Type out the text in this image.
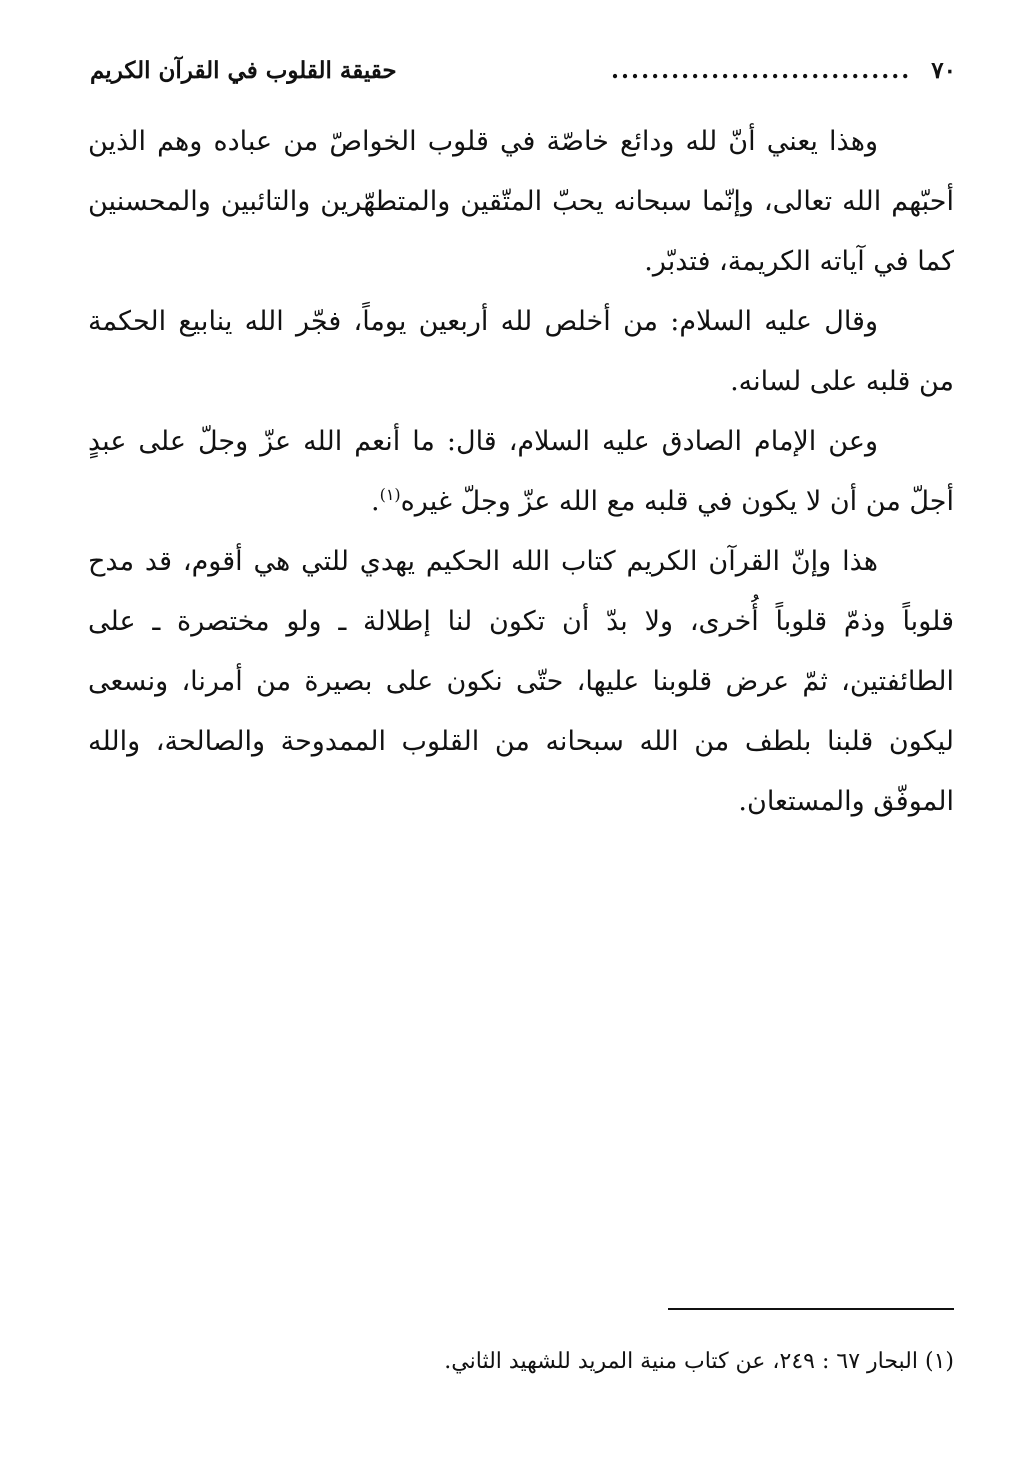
٧٠
..............................
حقيقة القلوب في القرآن الكريم

وهذا يعني أنّ لله ودائع خاصّة في قلوب الخواصّ من عباده وهم الذين أحبّهم الله تعالى، وإنّما سبحانه يحبّ المتّقين والمتطهّرين والتائبين والمحسنين كما في آياته الكريمة، فتدبّر.

وقال عليه السلام: من أخلص لله أربعين يوماً، فجّر الله ينابيع الحكمة من قلبه على لسانه.

وعن الإمام الصادق عليه السلام، قال: ما أنعم الله عزّ وجلّ على عبدٍ أجلّ من أن لا يكون في قلبه مع الله عزّ وجلّ غيره$^{(١)}$.

هذا وإنّ القرآن الكريم كتاب الله الحكيم يهدي للتي هي أقوم، قد مدح قلوباً وذمّ قلوباً أُخرى، ولا بدّ أن تكون لنا إطلالة ـ ولو مختصرة ـ على الطائفتين، ثمّ عرض قلوبنا عليها، حتّى نكون على بصيرة من أمرنا، ونسعى ليكون قلبنا بلطف من الله سبحانه من القلوب الممدوحة والصالحة، والله الموفّق والمستعان.

(١) البحار ٦٧ : ٢٤٩، عن كتاب منية المريد للشهيد الثاني.
